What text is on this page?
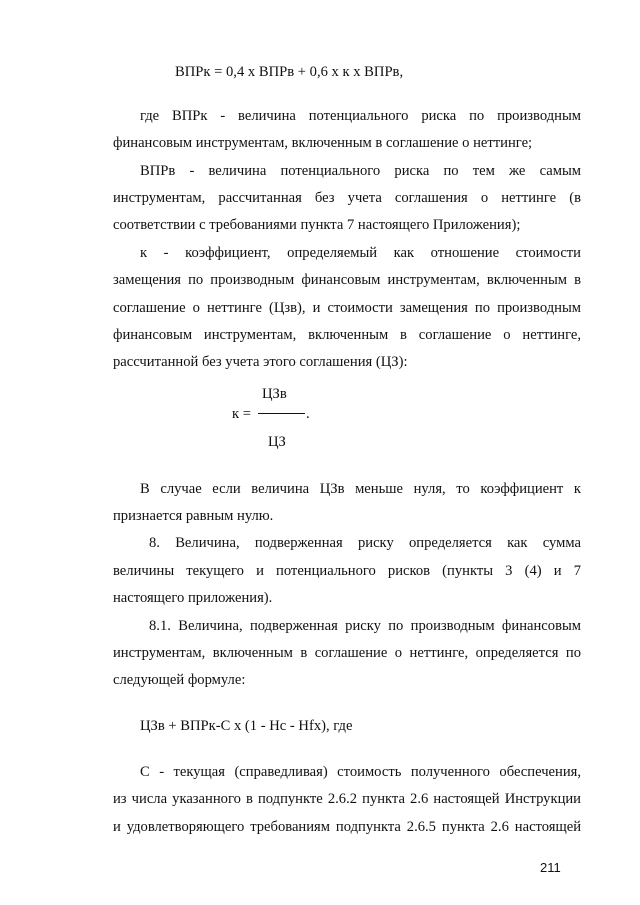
ВПРк = 0,4 х ВПРв + 0,6 х к х ВПРв,
где ВПРк - величина потенциального риска по производным
финансовым инструментам, включенным в соглашение о неттинге;
ВПРв - величина потенциального риска по тем же самым
инструментам, рассчитанная без учета соглашения о неттинге (в
соответствии с требованиями пункта 7 настоящего Приложения);
к - коэффициент, определяемый как отношение стоимости
замещения по производным финансовым инструментам, включенным в
соглашение о неттинге (Цзв), и стоимости замещения по производным
финансовым инструментам, включенным в соглашение о неттинге,
рассчитанной без учета этого соглашения (ЦЗ):
ЦЗв
к =	.
ЦЗ
В случае если величина ЦЗв меньше нуля, то коэффициент к
признается равным нулю.
8. Величина, подверженная риску определяется как сумма
величины текущего и потенциального рисков (пункты 3 (4) и 7
настоящего приложения).
8.1. Величина, подверженная риску по производным финансовым
инструментам, включенным в соглашение о неттинге, определяется по
следующей формуле:
ЦЗв + ВПРк-С х (1 - Нс - Нfx), где
С - текущая (справедливая) стоимость полученного обеспечения,
из числа указанного в подпункте 2.6.2 пункта 2.6 настоящей Инструкции
и удовлетворяющего требованиям подпункта 2.6.5 пункта 2.6 настоящей
211
